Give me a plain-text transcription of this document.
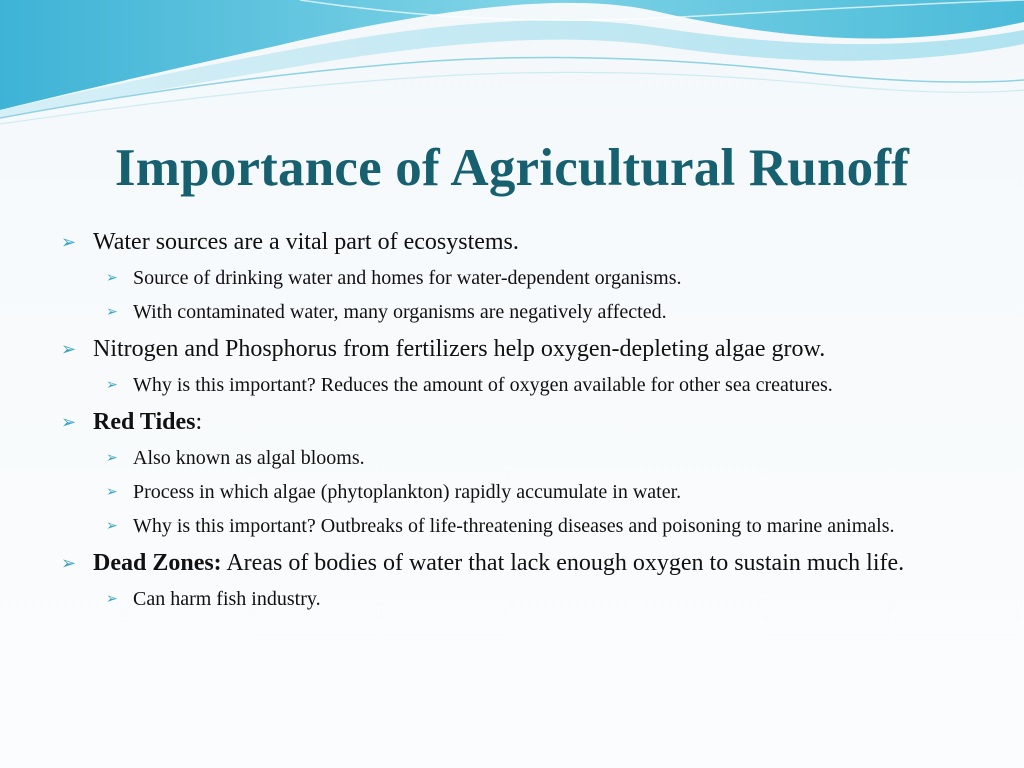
Importance of Agricultural Runoff
➢ Water sources are a vital part of ecosystems.
➢ Source of drinking water and homes for water-dependent organisms.
➢ With contaminated water, many organisms are negatively affected.
➢ Nitrogen and Phosphorus from fertilizers help oxygen-depleting algae grow.
➢ Why is this important? Reduces the amount of oxygen available for other sea creatures.
➢ Red Tides:
➢ Also known as algal blooms.
➢ Process in which algae (phytoplankton) rapidly accumulate in water.
➢ Why is this important? Outbreaks of life-threatening diseases and poisoning to marine animals.
➢ Dead Zones: Areas of bodies of water that lack enough oxygen to sustain much life.
➢ Can harm fish industry.
